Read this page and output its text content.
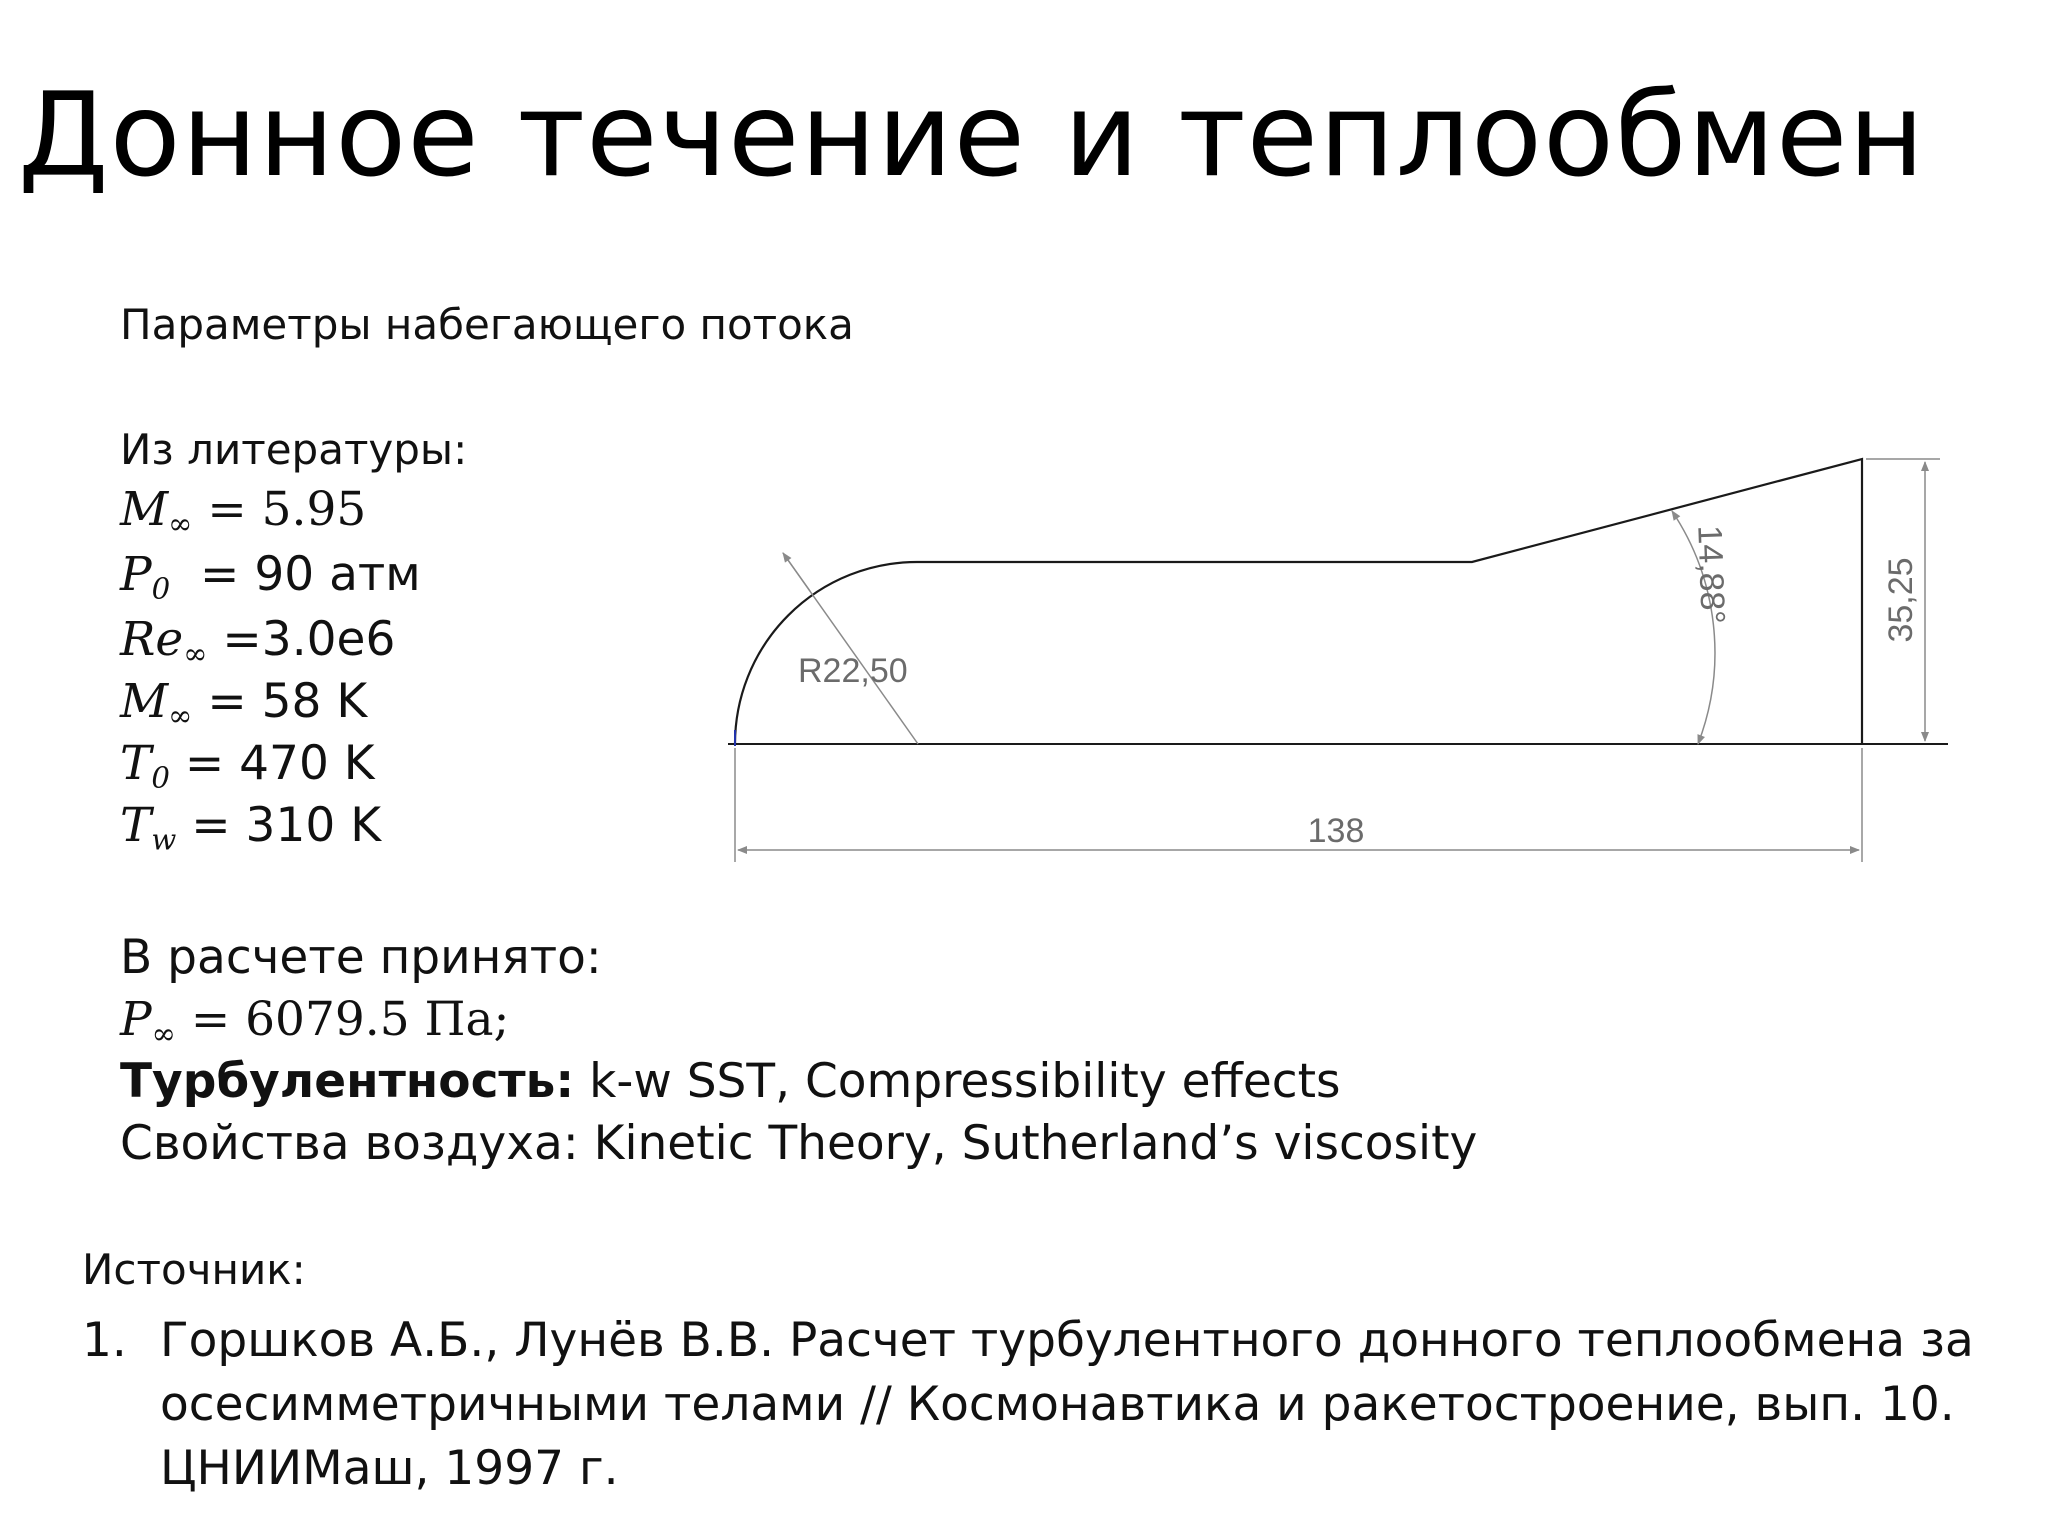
Донное течение и теплообмен
Параметры набегающего потока
Из литературы:
$M_\infty = 5.95$
$P_0 = 90$ атм
$Re_\infty =3.0e6$
$M_\infty = 58$ K
$T_0 = 470$ K
$T_w = 310$ K
В расчете принято:
$P_\infty = 6079.5$ Па;
Турбулентность: k-w SST, Compressibility effects
Свойства воздуха: Kinetic Theory, Sutherland’s viscosity
R22,50
14,88°	35,25
138
Источник:
1. Горшков А.Б., Лунёв В.В. Расчет турбулентного донного теплообмена за осесимметричными телами // Космонавтика и ракетостроение, вып. 10. ЦНИИМаш, 1997 г.
